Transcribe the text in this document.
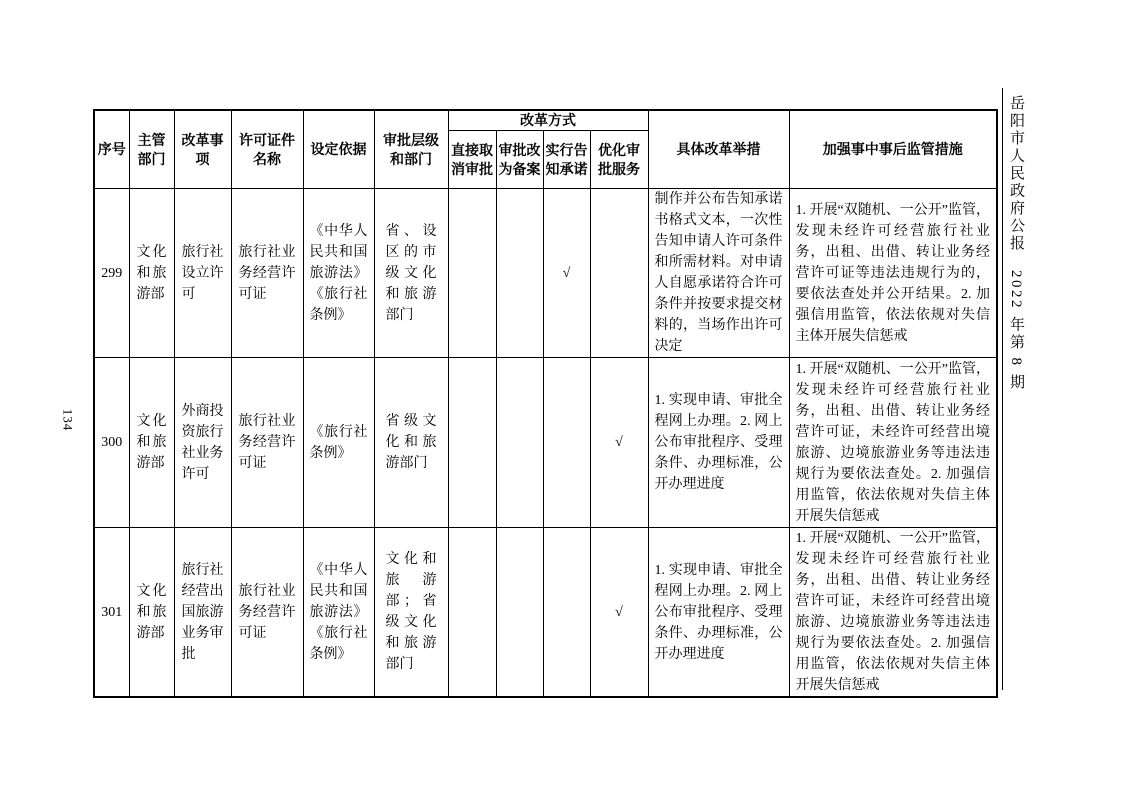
134
岳阳市人民政府公报　2022 年第 8 期
序号	主管部门	改革事项	许可证件名称	设定依据	审批层级和部门	改革方式				具体改革举措	加强事中事后监管措施
						直接取消审批	审批改为备案	实行告知承诺	优化审批服务		
299	文化和旅游部	旅行社设立许可	旅行社业务经营许可证	《中华人民共和国旅游法》《旅行社条例》	省、设区的市级文化和旅游部门			√		制作并公布告知承诺书格式文本，一次性告知申请人许可条件和所需材料。对申请人自愿承诺符合许可条件并按要求提交材料的，当场作出许可决定	1. 开展“双随机、一公开”监管，发现未经许可经营旅行社业务，出租、出借、转让业务经营许可证等违法违规行为的，要依法查处并公开结果。2. 加强信用监管，依法依规对失信主体开展失信惩戒
300	文化和旅游部	外商投资旅行社业务许可	旅行社业务经营许可证	《旅行社条例》	省级文化和旅游部门				√	1. 实现申请、审批全程网上办理。2. 网上公布审批程序、受理条件、办理标准，公开办理进度	1. 开展“双随机、一公开”监管，发现未经许可经营旅行社业务，出租、出借、转让业务经营许可证，未经许可经营出境旅游、边境旅游业务等违法违规行为要依法查处。2. 加强信用监管，依法依规对失信主体开展失信惩戒
301	文化和旅游部	旅行社经营出国旅游业务审批	旅行社业务经营许可证	《中华人民共和国旅游法》《旅行社条例》	文化和旅游部；省级文化和旅游部门				√	1. 实现申请、审批全程网上办理。2. 网上公布审批程序、受理条件、办理标准，公开办理进度	1. 开展“双随机、一公开”监管，发现未经许可经营旅行社业务，出租、出借、转让业务经营许可证，未经许可经营出境旅游、边境旅游业务等违法违规行为要依法查处。2. 加强信用监管，依法依规对失信主体开展失信惩戒
